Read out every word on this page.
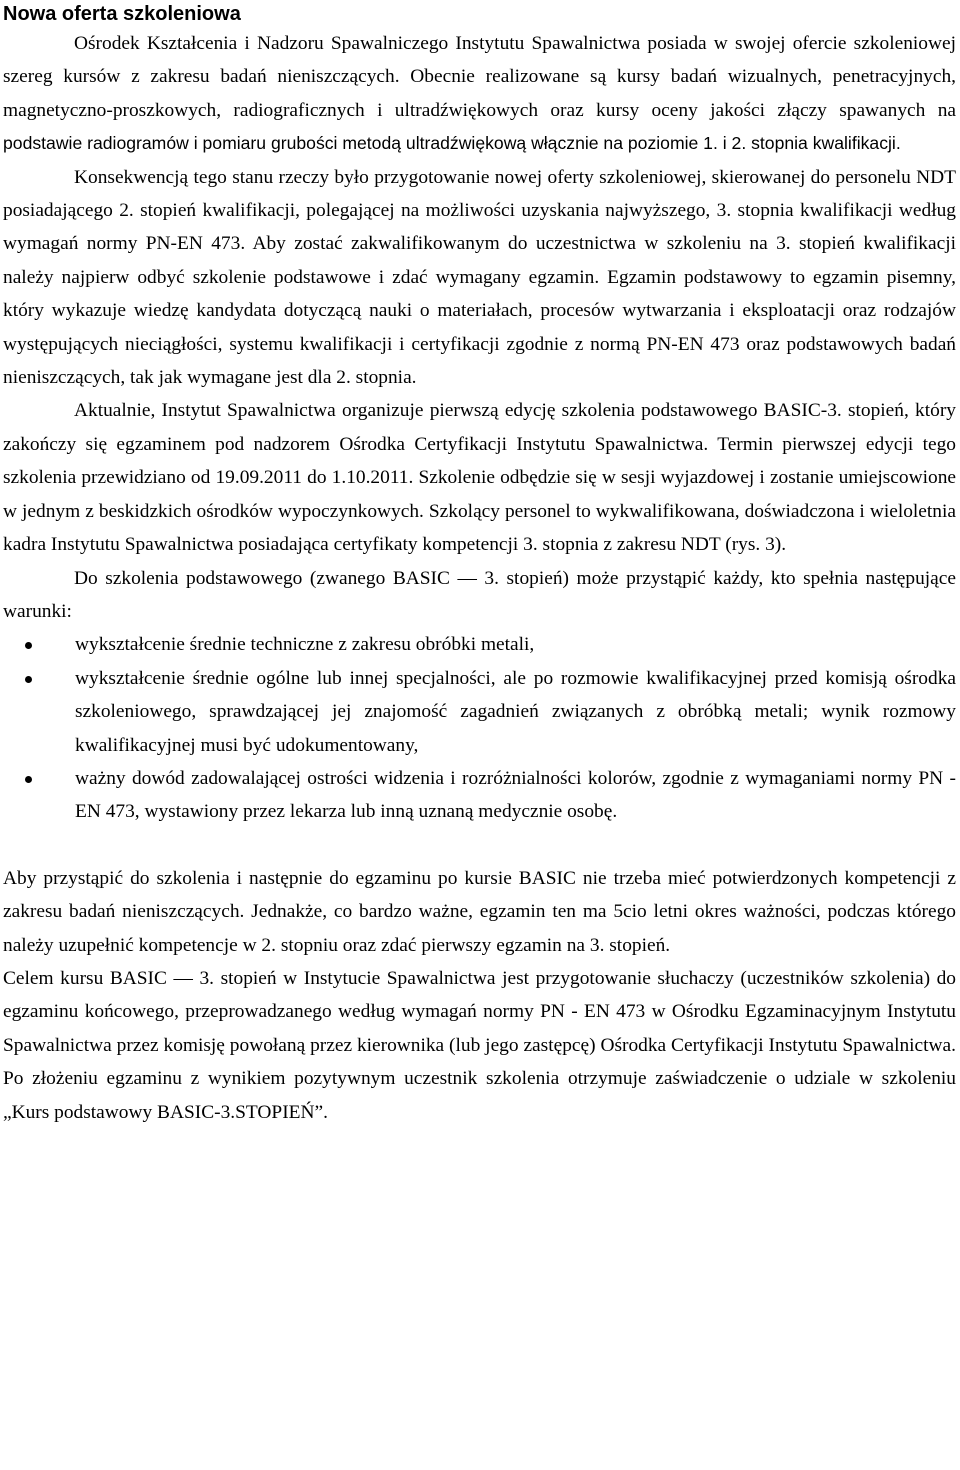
Nowa oferta szkoleniowa

Ośrodek Kształcenia i Nadzoru Spawalniczego Instytutu Spawalnictwa posiada w swojej ofercie szkoleniowej szereg kursów z zakresu badań nieniszczących. Obecnie realizowane są kursy badań wizualnych, penetracyjnych, magnetyczno-proszkowych, radiograficznych i ultradźwiękowych oraz kursy oceny jakości złączy spawanych na podstawie radiogramów i pomiaru grubości metodą ultradźwiękową włącznie na poziomie 1. i 2. stopnia kwalifikacji.

Konsekwencją tego stanu rzeczy było przygotowanie nowej oferty szkoleniowej, skierowanej do personelu NDT posiadającego 2. stopień kwalifikacji, polegającej na możliwości uzyskania najwyższego, 3. stopnia kwalifikacji według wymagań normy PN-EN 473. Aby zostać zakwalifikowanym do uczestnictwa w szkoleniu na 3. stopień kwalifikacji należy najpierw odbyć szkolenie podstawowe i zdać wymagany egzamin. Egzamin podstawowy to egzamin pisemny, który wykazuje wiedzę kandydata dotyczącą nauki o materiałach, procesów wytwarzania i eksploatacji oraz rodzajów występujących nieciągłości, systemu kwalifikacji i certyfikacji zgodnie z normą PN-EN 473 oraz podstawowych badań nieniszczących, tak jak wymagane jest dla 2. stopnia.

Aktualnie, Instytut Spawalnictwa organizuje pierwszą edycję szkolenia podstawowego BASIC-3. stopień, który zakończy się egzaminem pod nadzorem Ośrodka Certyfikacji Instytutu Spawalnictwa. Termin pierwszej edycji tego szkolenia przewidziano od 19.09.2011 do 1.10.2011. Szkolenie odbędzie się w sesji wyjazdowej i zostanie umiejscowione w jednym z beskidzkich ośrodków wypoczynkowych. Szkolący personel to wykwalifikowana, doświadczona i wieloletnia kadra Instytutu Spawalnictwa posiadająca certyfikaty kompetencji 3. stopnia z zakresu NDT (rys. 3).

Do szkolenia podstawowego (zwanego BASIC — 3. stopień) może przystąpić każdy, kto spełnia następujące warunki:

wykształcenie średnie techniczne z zakresu obróbki metali,
wykształcenie średnie ogólne lub innej specjalności, ale po rozmowie kwalifikacyjnej przed komisją ośrodka szkoleniowego, sprawdzającej jej znajomość zagadnień związanych z obróbką metali; wynik rozmowy kwalifikacyjnej musi być udokumentowany,
ważny dowód zadowalającej ostrości widzenia i rozróżnialności kolorów, zgodnie z wymaganiami normy PN - EN 473, wystawiony przez lekarza lub inną uznaną medycznie osobę.

Aby przystąpić do szkolenia i następnie do egzaminu po kursie BASIC nie trzeba mieć potwierdzonych kompetencji z zakresu badań nieniszczących. Jednakże, co bardzo ważne, egzamin ten ma 5cio letni okres ważności, podczas którego należy uzupełnić kompetencje w 2. stopniu oraz zdać pierwszy egzamin na 3. stopień.

Celem kursu BASIC — 3. stopień w Instytucie Spawalnictwa jest przygotowanie słuchaczy (uczestników szkolenia) do egzaminu końcowego, przeprowadzanego według wymagań normy PN - EN 473 w Ośrodku Egzaminacyjnym Instytutu Spawalnictwa przez komisję powołaną przez kierownika (lub jego zastępcę) Ośrodka Certyfikacji Instytutu Spawalnictwa. Po złożeniu egzaminu z wynikiem pozytywnym uczestnik szkolenia otrzymuje zaświadczenie o udziale w szkoleniu „Kurs podstawowy BASIC-3.STOPIEŃ”.
